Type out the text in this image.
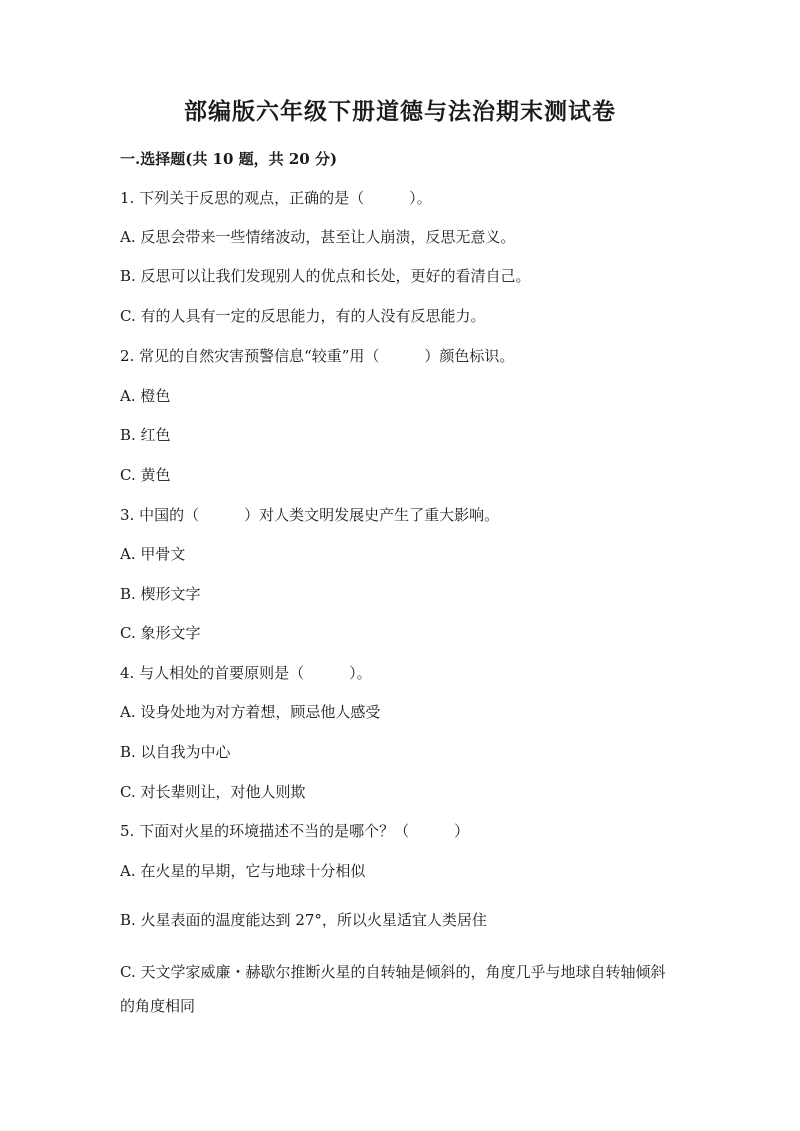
部编版六年级下册道德与法治期末测试卷
一.选择题(共 10 题，共 20 分)
1. 下列关于反思的观点，正确的是（　　　）。
A. 反思会带来一些情绪波动，甚至让人崩溃，反思无意义。
B. 反思可以让我们发现别人的优点和长处，更好的看清自己。
C. 有的人具有一定的反思能力，有的人没有反思能力。
2. 常见的自然灾害预警信息“较重”用（　　　）颜色标识。
A. 橙色
B. 红色
C. 黄色
3. 中国的（　　　）对人类文明发展史产生了重大影响。
A. 甲骨文
B. 楔形文字
C. 象形文字
4. 与人相处的首要原则是（　　　）。
A. 设身处地为对方着想，顾忌他人感受
B. 以自我为中心
C. 对长辈则让，对他人则欺
5. 下面对火星的环境描述不当的是哪个？（　　　）
A. 在火星的早期，它与地球十分相似
B. 火星表面的温度能达到 27°，所以火星适宜人类居住
C. 天文学家威廉・赫歇尔推断火星的自转轴是倾斜的，角度几乎与地球自转轴倾斜的角度相同
